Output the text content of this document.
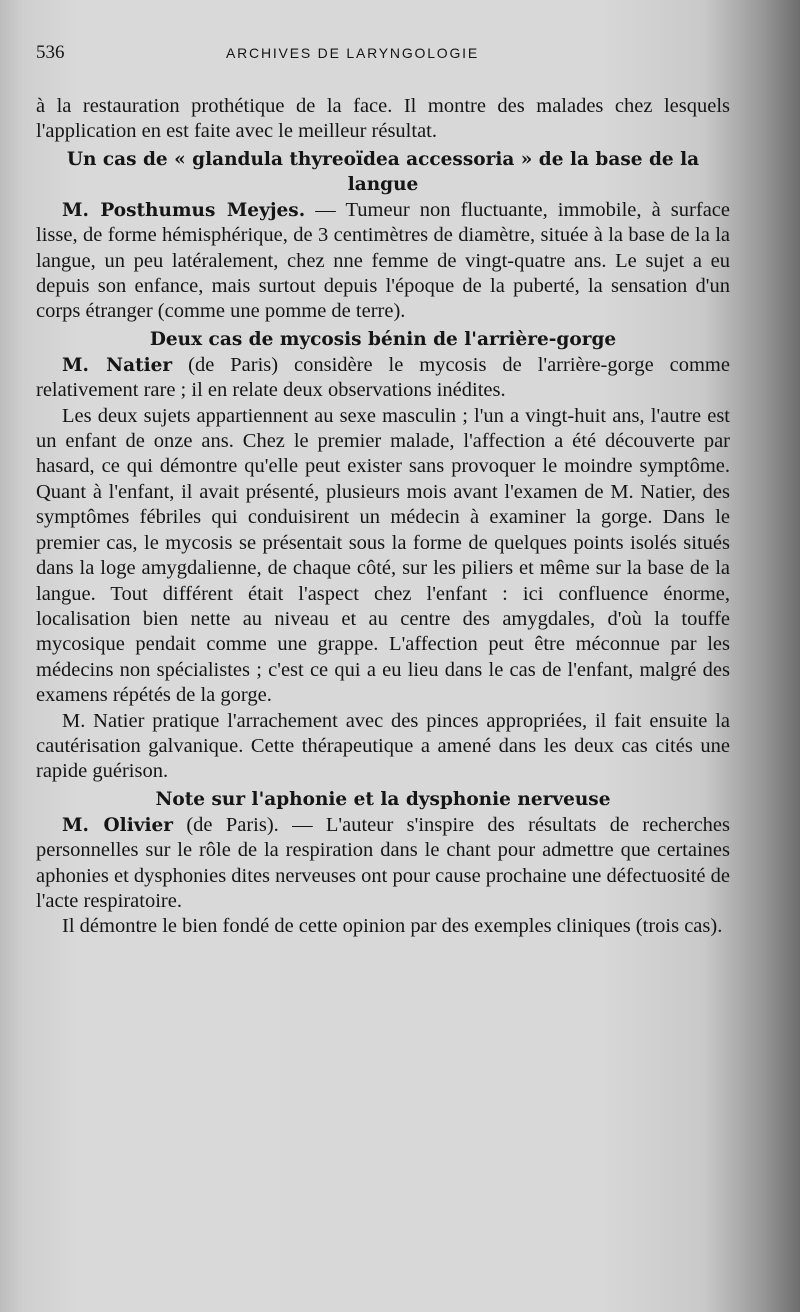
536	ARCHIVES DE LARYNGOLOGIE

à la restauration prothétique de la face. Il montre des malades chez lesquels l'application en est faite avec le meilleur résultat.

Un cas de « glandula thyreoïdea accessoria » de la base de la langue

M. Posthumus Meyjes. — Tumeur non fluctuante, immobile, à surface lisse, de forme hémisphérique, de 3 centimètres de diamètre, située à la base de la la langue, un peu latéralement, chez nne femme de vingt-quatre ans. Le sujet a eu depuis son enfance, mais surtout depuis l'époque de la puberté, la sensation d'un corps étranger (comme une pomme de terre).

Deux cas de mycosis bénin de l'arrière-gorge

M. Natier (de Paris) considère le mycosis de l'arrière-gorge comme relativement rare ; il en relate deux observations inédites.

Les deux sujets appartiennent au sexe masculin ; l'un a vingt-huit ans, l'autre est un enfant de onze ans. Chez le premier malade, l'affection a été découverte par hasard, ce qui démontre qu'elle peut exister sans provoquer le moindre symptôme. Quant à l'enfant, il avait présenté, plusieurs mois avant l'examen de M. Natier, des symptômes fébriles qui conduisirent un médecin à examiner la gorge. Dans le premier cas, le mycosis se présentait sous la forme de quelques points isolés situés dans la loge amygdalienne, de chaque côté, sur les piliers et même sur la base de la langue. Tout différent était l'aspect chez l'enfant : ici confluence énorme, localisation bien nette au niveau et au centre des amygdales, d'où la touffe mycosique pendait comme une grappe. L'affection peut être méconnue par les médecins non spécialistes ; c'est ce qui a eu lieu dans le cas de l'enfant, malgré des examens répétés de la gorge.

M. Natier pratique l'arrachement avec des pinces appropriées, il fait ensuite la cautérisation galvanique. Cette thérapeutique a amené dans les deux cas cités une rapide guérison.

Note sur l'aphonie et la dysphonie nerveuse

M. Olivier (de Paris). — L'auteur s'inspire des résultats de recherches personnelles sur le rôle de la respiration dans le chant pour admettre que certaines aphonies et dysphonies dites nerveuses ont pour cause prochaine une défectuosité de l'acte respiratoire.

Il démontre le bien fondé de cette opinion par des exemples cliniques (trois cas).
